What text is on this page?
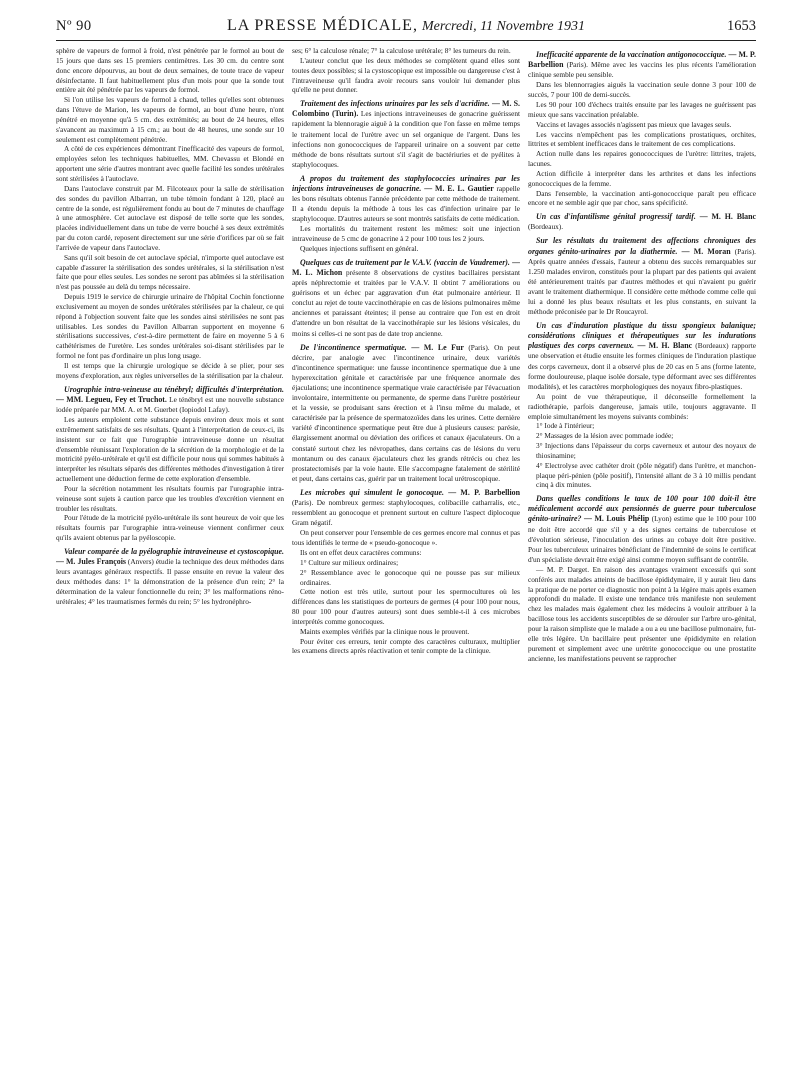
Nº 90	LA PRESSE MÉDICALE, Mercredi, 11 Novembre 1931	1653

sphère de vapeurs de formol à froid, n'est pénétrée par le formol au bout de 15 jours que dans ses 15 premiers centimètres. Les 30 cm. du centre sont donc encore dépourvus, au bout de deux semaines, de toute trace de vapeur désinfectante. Il faut habituellement plus d'un mois pour que la sonde tout entière ait été pénétrée par les vapeurs de formol.

Si l'on utilise les vapeurs de formol à chaud, telles qu'elles sont obtenues dans l'étuve de Marion, les vapeurs de formol, au bout d'une heure, n'ont pénétré en moyenne qu'à 5 cm. des extrémités; au bout de 24 heures, elles s'avancent au maximum à 15 cm.; au bout de 48 heures, une sonde sur 10 seulement est complètement pénétrée.

A côté de ces expériences démontrant l'inefficacité des vapeurs de formol, employées selon les techniques habituelles, MM. Chevassu et Blondé en apportent une série d'autres montrant avec quelle facilité les sondes urétérales sont stérilisées à l'autoclave.

Dans l'autoclave construit par M. Filcoteaux pour la salle de stérilisation des sondes du pavillon Albarran, un tube témoin fondant à 120, placé au centre de la sonde, est régulièrement fondu au bout de 7 minutes de chauffage à une atmosphère. Cet autoclave est disposé de telle sorte que les sondes, placées individuellement dans un tube de verre bouché à ses deux extrémités par du coton cardé, reposent directement sur une série d'orifices par où se fait l'arrivée de vapeur dans l'autoclave.

Sans qu'il soit besoin de cet autoclave spécial, n'importe quel autoclave est capable d'assurer la stérilisation des sondes urétérales, si la stérilisation n'est faite que pour elles seules. Les sondes ne seront pas abîmées si la stérilisation n'est pas poussée au delà du temps nécessaire.

Depuis 1919 le service de chirurgie urinaire de l'hôpital Cochin fonctionne exclusivement au moyen de sondes urétérales stérilisées par la chaleur, ce qui répond à l'objection souvent faite que les sondes ainsi stérilisées ne sont pas utilisables. Les sondes du Pavillon Albarran supportent en moyenne 6 stérilisations successives, c'est-à-dire permettent de faire en moyenne 5 à 6 cathétérismes de l'uretère. Les sondes urétérales soi-disant stérilisées par le formol ne font pas d'ordinaire un plus long usage.

Il est temps que la chirurgie urologique se décide à se plier, pour ses moyens d'exploration, aux règles universelles de la stérilisation par la chaleur.

Urographie intra-veineuse au ténébryl; difficultés d'interprétation. — MM. Legueu, Fey et Truchot. Le ténébryl est une nouvelle substance iodée préparée par MM. A. et M. Guerbet (Iopiodol Lafay).

Les auteurs emploient cette substance depuis environ deux mois et sont extrêmement satisfaits de ses résultats. Quant à l'interprétation de ceux-ci, ils insistent sur ce fait que l'urographie intraveineuse donne un résultat d'ensemble réunissant l'exploration de la sécrétion de la morphologie et de la motricité pyélo-urétérale et qu'il est difficile pour nous qui sommes habitués à interpréter les résultats séparés des différentes méthodes d'investigation à tirer actuellement une déduction ferme de cette exploration d'ensemble.

Pour la sécrétion notamment les résultats fournis par l'urographie intra-veineuse sont sujets à caution parce que les troubles d'excrétion viennent en troubler les résultats.

Pour l'étude de la motricité pyélo-urétérale ils sont heureux de voir que les résultats fournis par l'urographie intra-veineuse viennent confirmer ceux qu'ils avaient obtenus par la pyéloscopie.

Valeur comparée de la pyélographie intraveineuse et cystoscopique. — M. Jules François (Anvers) étudie la technique des deux méthodes dans leurs avantages généraux respectifs. Il passe ensuite en revue la valeur des deux méthodes dans: 1° la démonstration de la présence d'un rein; 2° la détermination de la valeur fonctionnelle du rein; 3° les malformations réno-urétérales; 4° les traumatismes fermés du rein; 5° les hydronéphro-

ses; 6° la calculose rénale; 7° la calculose urétérale; 8° les tumeurs du rein.

L'auteur conclut que les deux méthodes se complètent quand elles sont toutes deux possibles; si la cystoscopique est impossible ou dangereuse c'est à l'intraveineuse qu'il faudra avoir recours sans vouloir lui demander plus qu'elle ne peut donner.

Traitement des infections urinaires par les sels d'acridine. — M. S. Colombino (Turin). Les injections intraveineuses de gonacrine guérissent rapidement la blennoragie aiguë à la condition que l'on fasse en même temps le traitement local de l'urètre avec un sel organique de l'argent. Dans les infections non gonococciques de l'appareil urinaire on a souvent par cette méthode de bons résultats surtout s'il s'agit de bactériuries et de pyélites à staphylocoques.

A propos du traitement des staphylococcies urinaires par les injections intraveineuses de gonacrine. — M. E. L. Gautier rappelle les bons résultats obtenus l'année précédente par cette méthode de traitement. Il a étendu depuis la méthode à tous les cas d'infection urinaire par le staphylocoque. D'autres auteurs se sont montrés satisfaits de cette médication.

Les mortalités du traitement restent les mêmes: soit une injection intraveineuse de 5 cmc de gonacrine à 2 pour 100 tous les 2 jours.

Quelques injections suffisent en général.

Quelques cas de traitement par le V.A.V. (vaccin de Vaudremer). — M. L. Michon présente 8 observations de cystites bacillaires persistant après néphrectomie et traitées par le V.A.V. Il obtint 7 améliorations ou guérisons et un échec par aggravation d'un état pulmonaire antérieur. Il conclut au rejet de toute vaccinothérapie en cas de lésions pulmonaires même anciennes et paraissant éteintes; il pense au contraire que l'on est en droit d'attendre un bon résultat de la vaccinothérapie sur les lésions vésicales, du moins si celles-ci ne sont pas de date trop ancienne.

De l'incontinence spermatique. — M. Le Fur (Paris). On peut décrire, par analogie avec l'incontinence urinaire, deux variétés d'incontinence spermatique: une fausse incontinence spermatique due à une hyperexcitation génitale et caractérisée par une fréquence anormale des éjaculations; une incontinence spermatique vraie caractérisée par l'évacuation involontaire, intermittente ou permanente, de sperme dans l'urètre postérieur et la vessie, se produisant sans érection et à l'insu même du malade, et caractérisée par la présence de spermatozoïdes dans les urines. Cette dernière variété d'incontinence spermatique peut être due à plusieurs causes: parésie, élargissement anormal ou déviation des orifices et canaux éjaculateurs. On a constaté surtout chez les névropathes, dans certains cas de lésions du veru montanum ou des canaux éjaculateurs chez les grands rétrécis ou chez les prostatectomisés par la voie haute. Elle s'accompagne fatalement de stérilité et peut, dans certains cas, guérir par un traitement local urétroscopique.

Les microbes qui simulent le gonocoque. — M. P. Barbellion (Paris). De nombreux germes: staphylocoques, colibacille catharralis, etc., ressemblent au gonocoque et prennent surtout en culture l'aspect diplocoque Gram négatif.

On peut conserver pour l'ensemble de ces germes encore mal connus et pas tous identifiés le terme de « pseudo-gonocoque ».

Ils ont en effet deux caractères communs:

1° Culture sur milieux ordinaires;

2° Ressemblance avec le gonocoque qui ne pousse pas sur milieux ordinaires.

Cette notion est très utile, surtout pour les spermocultures où les différences dans les statistiques de porteurs de germes (4 pour 100 pour nous, 80 pour 100 pour d'autres auteurs) sont dues semble-t-il à ces microbes interprétés comme gonocoques.

Maints exemples vérifiés par la clinique nous le prouvent.

Pour éviter ces erreurs, tenir compte des caractères culturaux, multiplier les examens directs après réactivation et tenir compte de la clinique.

Inefficacité apparente de la vaccination antigonococcique. — M. P. Barbellion (Paris). Même avec les vaccins les plus récents l'amélioration clinique semble peu sensible.

Dans les blennorragies aiguës la vaccination seule donne 3 pour 100 de succès, 7 pour 100 de demi-succès.

Les 90 pour 100 d'échecs traités ensuite par les lavages ne guérissent pas mieux que sans vaccination préalable.

Vaccins et lavages associés n'agissent pas mieux que lavages seuls.

Les vaccins n'empêchent pas les complications prostatiques, orchites, littrites et semblent inefficaces dans le traitement de ces complications.

Action nulle dans les repaires gonococciques de l'urètre: littrites, trajets, lacunes.

Action difficile à interpréter dans les arthrites et dans les infections gonococciques de la femme.

Dans l'ensemble, la vaccination anti-gonococcique paraît peu efficace encore et ne semble agir que par choc, sans spécificité.

Un cas d'infantilisme génital progressif tardif. — M. H. Blanc (Bordeaux).

Sur les résultats du traitement des affections chroniques des organes génito-urinaires par la diathermie. — M. Moran (Paris). Après quatre années d'essais, l'auteur a obtenu des succès remarquables sur 1.250 malades environ, constitués pour la plupart par des patients qui avaient été antérieurement traités par d'autres méthodes et qui n'avaient pu guérir avant le traitement diathermique. Il considère cette méthode comme celle qui lui a donné les plus beaux résultats et les plus constants, en suivant la méthode préconisée par le Dr Roucayrol.

Un cas d'induration plastique du tissu spongieux balanique; considérations cliniques et thérapeutiques sur les indurations plastiques des corps caverneux. — M. H. Blanc (Bordeaux) rapporte une observation et étudie ensuite les formes cliniques de l'induration plastique des corps caverneux, dont il a observé plus de 20 cas en 5 ans (forme latente, forme douloureuse, plaque isolée dorsale, type déformant avec ses différentes modalités), et les caractères morphologiques des noyaux fibro-plastiques.

Au point de vue thérapeutique, il déconseille formellement la radiothérapie, parfois dangereuse, jamais utile, toujours aggravante. Il emploie simultanément les moyens suivants combinés:

1° Iode à l'intérieur;

2° Massages de la lésion avec pommade iodée;

3° Injections dans l'épaisseur du corps caverneux et autour des noyaux de thiosinamine;

4° Electrolyse avec cathéter droit (pôle négatif) dans l'urètre, et manchon-plaque péri-pénien (pôle positif), l'intensité allant de 3 à 10 millis pendant cinq à dix minutes.

Dans quelles conditions le taux de 100 pour 100 doit-il être médicalement accordé aux pensionnés de guerre pour tuberculose génito-urinaire? — M. Louis Phélip (Lyon) estime que le 100 pour 100 ne doit être accordé que s'il y a des signes certains de tuberculose et d'évolution sérieuse, l'inoculation des urines au cobaye doit être positive. Pour les tuberculeux urinaires bénéficiant de l'indemnité de soins le certificat d'un spécialiste devrait être exigé ainsi comme moyen suffisant de contrôle.

— M. P. Darget. En raison des avantages vraiment excessifs qui sont conférés aux malades atteints de bacillose épididymaire, il y aurait lieu dans la pratique de ne porter ce diagnostic non point à la légère mais après examen approfondi du malade. Il existe une tendance très manifeste non seulement chez les malades mais également chez les médecins à vouloir attribuer à la bacillose tous les accidents susceptibles de se dérouler sur l'arbre uro-génital, pour la raison simpliste que le malade a ou a eu une bacillose pulmonaire, fut-elle très légère. Un bacillaire peut présenter une épididymite en relation purement et simplement avec une urétrite gonococcique ou une prostatite ancienne, les manifestations peuvent se rapprocher
